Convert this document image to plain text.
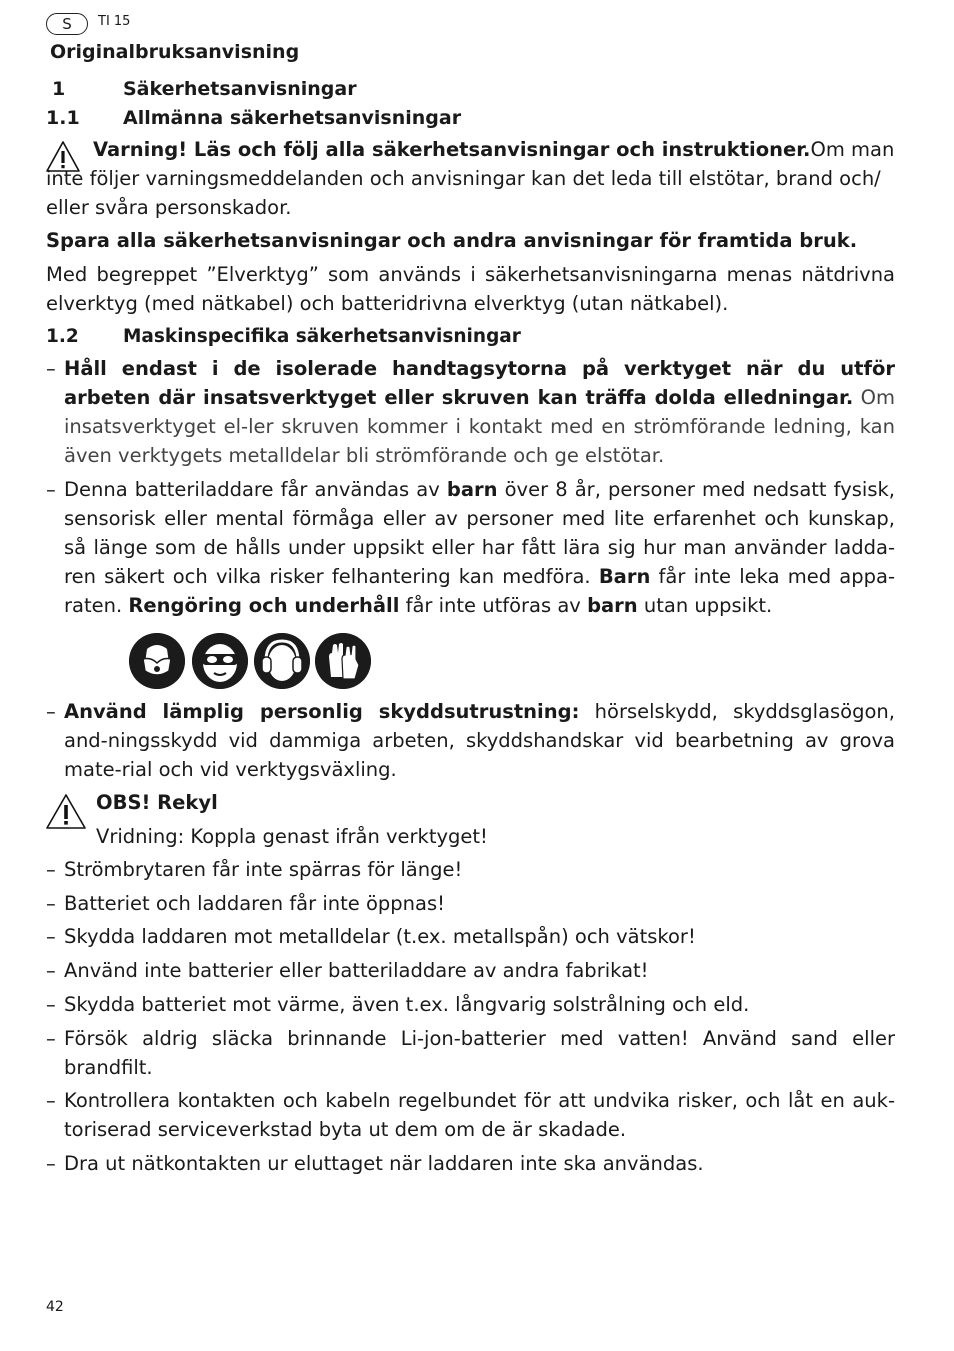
S	TI 15
Originalbruksanvisning
1	Säkerhetsanvisningar
1.1 Allmänna säkerhetsanvisningar
Varning! Läs och följ alla säkerhetsanvisningar och instruktioner.Om man inte följer varningsmeddelanden och anvisningar kan det leda till elstötar, brand och/ eller svåra personskador.
Spara alla säkerhetsanvisningar och andra anvisningar för framtida bruk.
Med begreppet ”Elverktyg” som används i säkerhetsanvisningarna menas nätdrivna elverktyg (med nätkabel) och batteridrivna elverktyg (utan nätkabel).
1.2 Maskinspecifika säkerhetsanvisningar
– Håll endast i de isolerade handtagsytorna på verktyget när du utför arbeten där insatsverktyget eller skruven kan träffa dolda elledningar. Om insatsverktyget el-ler skruven kommer i kontakt med en strömförande ledning, kan även verktygets metalldelar bli strömförande och ge elstötar.
– Denna batteriladdare får användas av barn över 8 år, personer med nedsatt fysisk, sensorisk eller mental förmåga eller av personer med lite erfarenhet och kunskap, så länge som de hålls under uppsikt eller har fått lära sig hur man använder ladda-ren säkert och vilka risker felhantering kan medföra. Barn får inte leka med appa-raten. Rengöring och underhåll får inte utföras av barn utan uppsikt.
– Använd lämplig personlig skyddsutrustning: hörselskydd, skyddsglasögon, and-ningsskydd vid dammiga arbeten, skyddshandskar vid bearbetning av grova mate-rial och vid verktygsväxling.
OBS! Rekyl
Vridning: Koppla genast ifrån verktyget!
– Strömbrytaren får inte spärras för länge!
– Batteriet och laddaren får inte öppnas!
– Skydda laddaren mot metalldelar (t.ex. metallspån) och vätskor!
– Använd inte batterier eller batteriladdare av andra fabrikat!
– Skydda batteriet mot värme, även t.ex. långvarig solstrålning och eld.
– Försök aldrig släcka brinnande Li-jon-batterier med vatten! Använd sand eller brandfilt.
– Kontrollera kontakten och kabeln regelbundet för att undvika risker, och låt en auk-toriserad serviceverkstad byta ut dem om de är skadade.
– Dra ut nätkontakten ur eluttaget när laddaren inte ska användas.
42
